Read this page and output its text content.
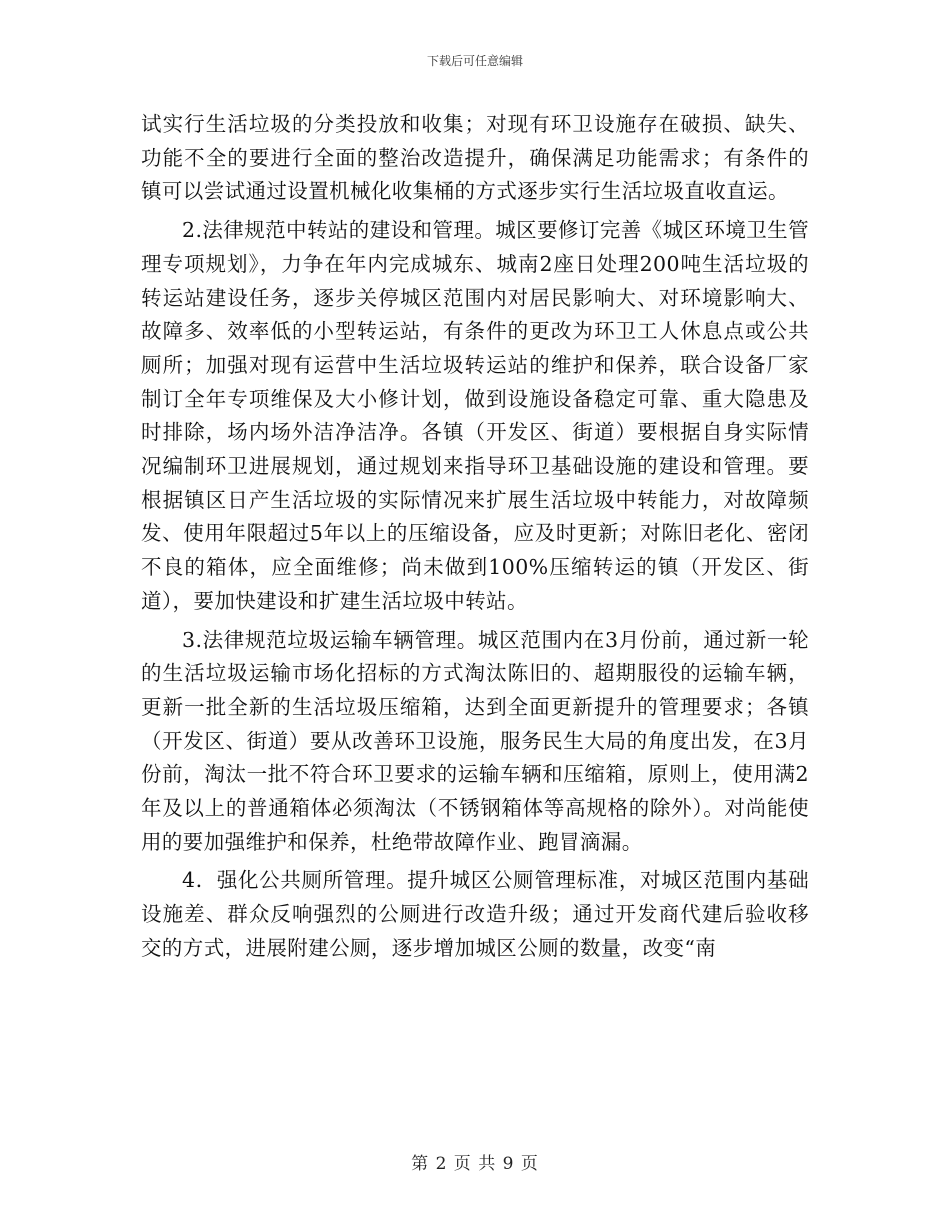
下载后可任意编辑

试实行生活垃圾的分类投放和收集；对现有环卫设施存在破损、缺失、功能不全的要进行全面的整治改造提升，确保满足功能需求；有条件的镇可以尝试通过设置机械化收集桶的方式逐步实行生活垃圾直收直运。

2.法律规范中转站的建设和管理。城区要修订完善《城区环境卫生管理专项规划》，力争在年内完成城东、城南2座日处理200吨生活垃圾的转运站建设任务，逐步关停城区范围内对居民影响大、对环境影响大、故障多、效率低的小型转运站，有条件的更改为环卫工人休息点或公共厕所；加强对现有运营中生活垃圾转运站的维护和保养，联合设备厂家制订全年专项维保及大小修计划，做到设施设备稳定可靠、重大隐患及时排除，场内场外洁净洁净。各镇（开发区、街道）要根据自身实际情况编制环卫进展规划，通过规划来指导环卫基础设施的建设和管理。要根据镇区日产生活垃圾的实际情况来扩展生活垃圾中转能力，对故障频发、使用年限超过5年以上的压缩设备，应及时更新；对陈旧老化、密闭不良的箱体，应全面维修；尚未做到100%压缩转运的镇（开发区、街道），要加快建设和扩建生活垃圾中转站。

3.法律规范垃圾运输车辆管理。城区范围内在3月份前，通过新一轮的生活垃圾运输市场化招标的方式淘汰陈旧的、超期服役的运输车辆，更新一批全新的生活垃圾压缩箱，达到全面更新提升的管理要求；各镇（开发区、街道）要从改善环卫设施，服务民生大局的角度出发，在3月份前，淘汰一批不符合环卫要求的运输车辆和压缩箱，原则上，使用满2年及以上的普通箱体必须淘汰（不锈钢箱体等高规格的除外）。对尚能使用的要加强维护和保养，杜绝带故障作业、跑冒滴漏。

4．强化公共厕所管理。提升城区公厕管理标准，对城区范围内基础设施差、群众反响强烈的公厕进行改造升级；通过开发商代建后验收移交的方式，进展附建公厕，逐步增加城区公厕的数量，改变“南

第 2 页 共 9 页
